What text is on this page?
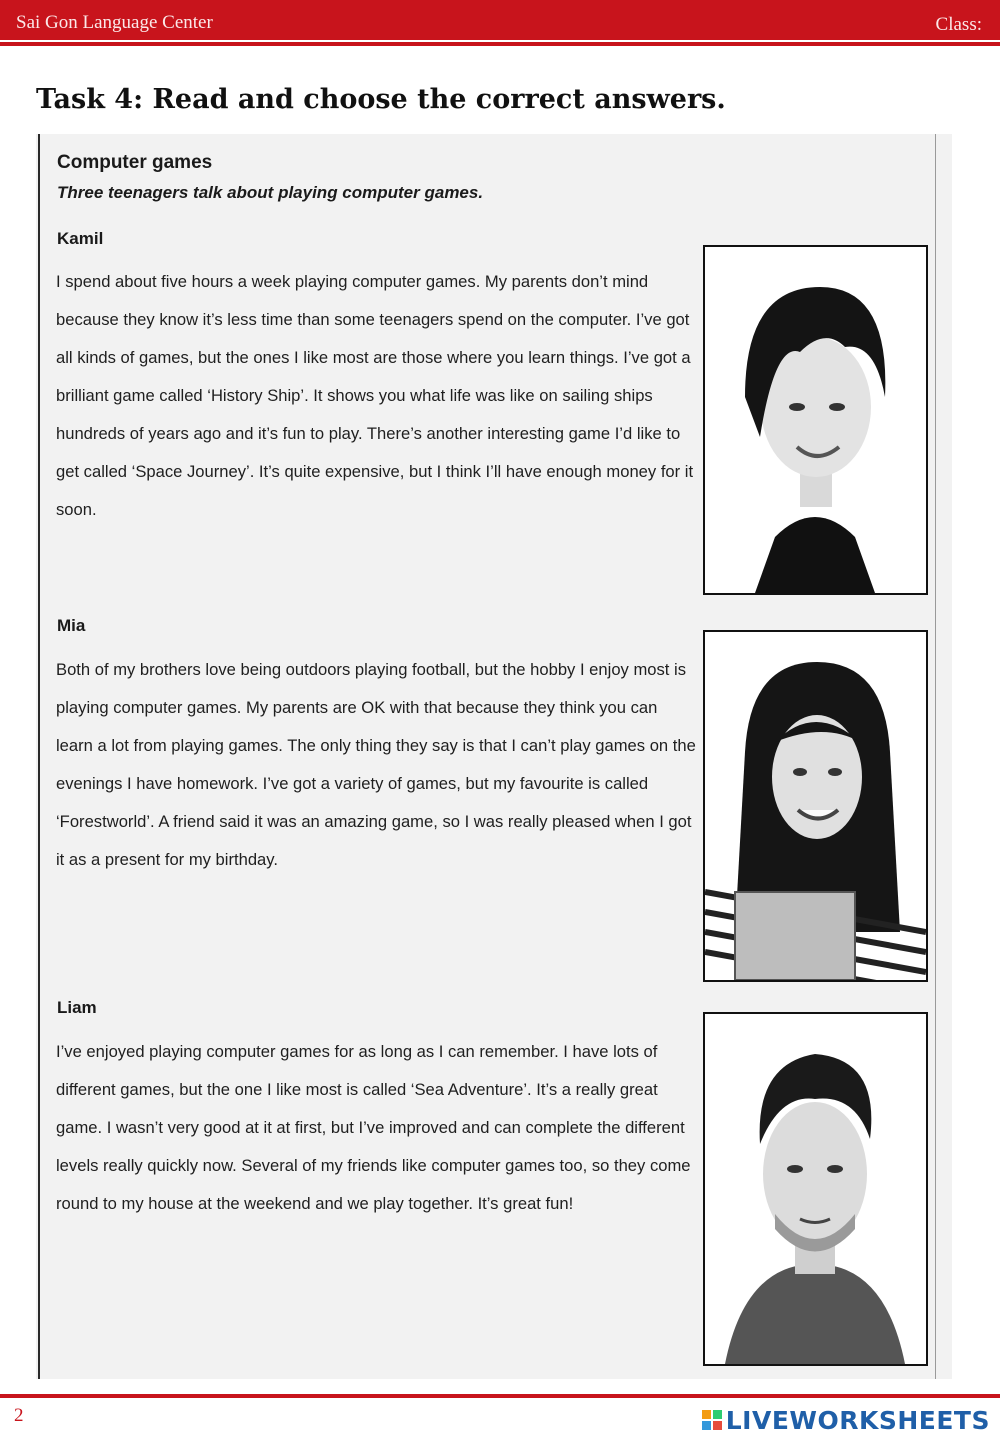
Sai Gon Language Center	Class:
Task 4: Read and choose the correct answers.
Computer games
Three teenagers talk about playing computer games.
Kamil

I spend about five hours a week playing computer games. My parents don’t mind because they know it’s less time than some teenagers spend on the computer. I’ve got all kinds of games, but the ones I like most are those where you learn things. I’ve got a brilliant game called ‘History Ship’. It shows you what life was like on sailing ships hundreds of years ago and it’s fun to play. There’s another interesting game I’d like to get called ‘Space Journey’. It’s quite expensive, but I think I’ll have enough money for it soon.

Mia

Both of my brothers love being outdoors playing football, but the hobby I enjoy most is playing computer games. My parents are OK with that because they think you can learn a lot from playing games. The only thing they say is that I can’t play games on the evenings I have homework. I’ve got a variety of games, but my favourite is called ‘Forestworld’. A friend said it was an amazing game, so I was really pleased when I got it as a present for my birthday.

Liam

I’ve enjoyed playing computer games for as long as I can remember. I have lots of different games, but the one I like most is called ‘Sea Adventure’. It’s a really great game. I wasn’t very good at it at first, but I’ve improved and can complete the different levels really quickly now. Several of my friends like computer games too, so they come round to my house at the weekend and we play together. It’s great fun!

2	LIVEWORKSHEETS
